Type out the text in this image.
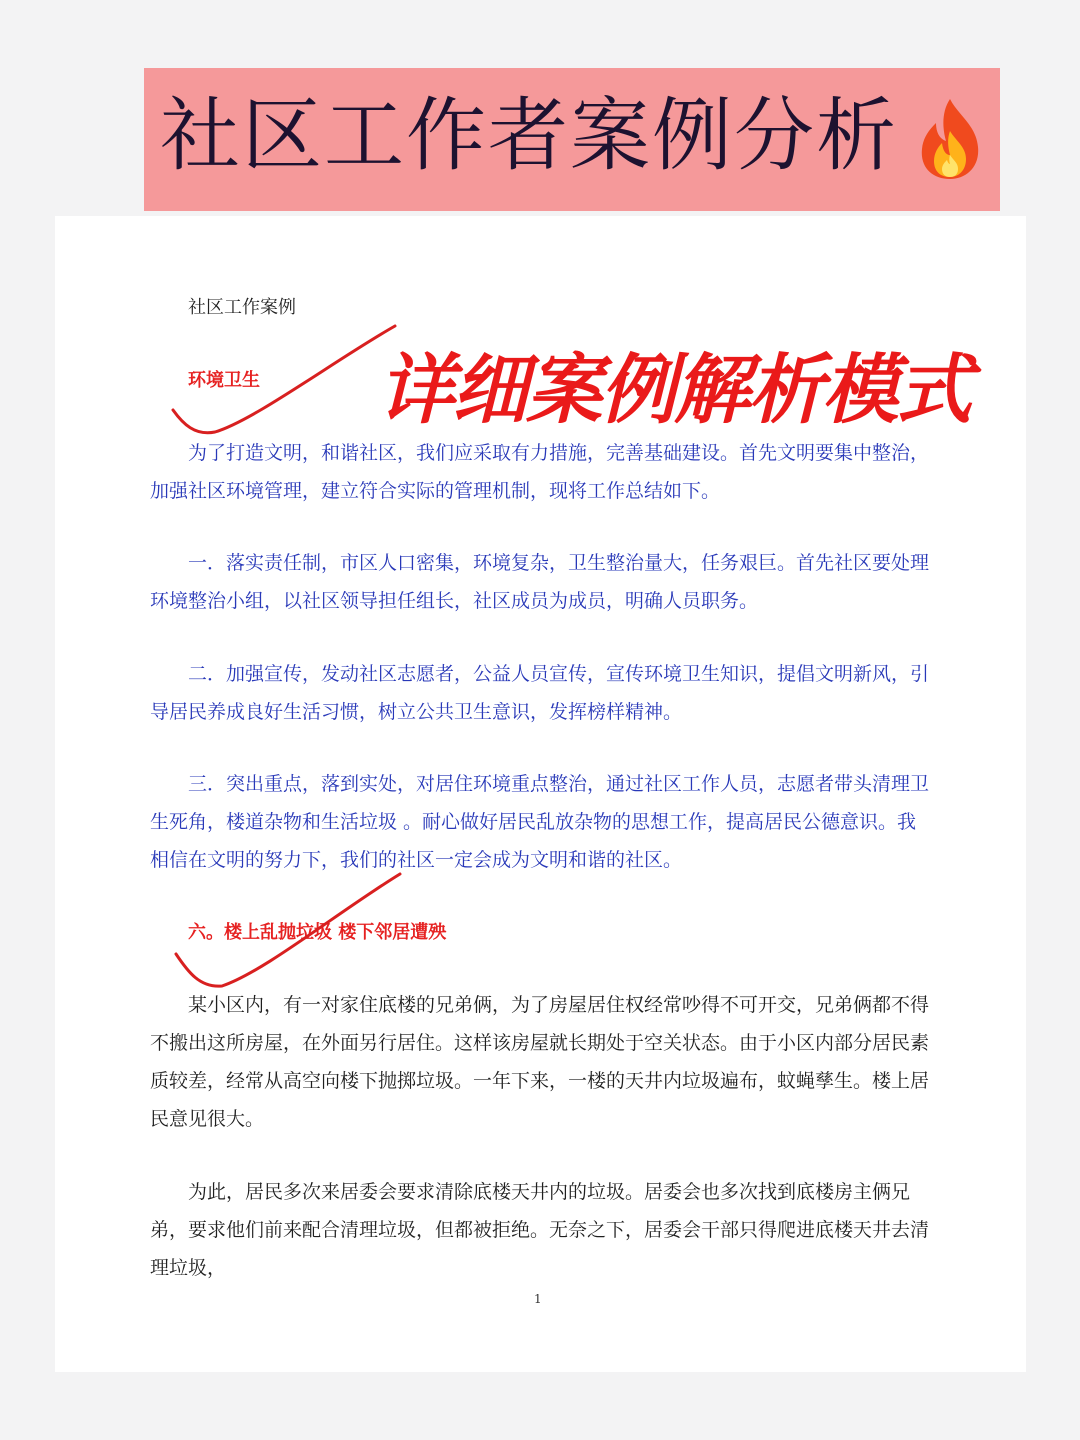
社区工作者案例分析
社区工作案例
环境卫生 详细案例解析模式

为了打造文明，和谐社区，我们应采取有力措施，完善基础建设。首先文明要集中整治，加强社区环境管理，建立符合实际的管理机制，现将工作总结如下。

一．落实责任制，市区人口密集，环境复杂，卫生整治量大，任务艰巨。首先社区要处理环境整治小组，以社区领导担任组长，社区成员为成员，明确人员职务。

二．加强宣传，发动社区志愿者，公益人员宣传，宣传环境卫生知识，提倡文明新风，引导居民养成良好生活习惯，树立公共卫生意识，发挥榜样精神。

三．突出重点，落到实处，对居住环境重点整治，通过社区工作人员，志愿者带头清理卫生死角，楼道杂物和生活垃圾 。耐心做好居民乱放杂物的思想工作，提高居民公德意识。我相信在文明的努力下，我们的社区一定会成为文明和谐的社区。

六。楼上乱抛垃圾 楼下邻居遭殃

某小区内，有一对家住底楼的兄弟俩，为了房屋居住权经常吵得不可开交，兄弟俩都不得不搬出这所房屋，在外面另行居住。这样该房屋就长期处于空关状态。由于小区内部分居民素质较差，经常从高空向楼下抛掷垃圾。一年下来，一楼的天井内垃圾遍布，蚊蝇孳生。楼上居民意见很大。

为此，居民多次来居委会要求清除底楼天井内的垃圾。居委会也多次找到底楼房主俩兄弟，要求他们前来配合清理垃圾，但都被拒绝。无奈之下，居委会干部只得爬进底楼天井去清理垃圾，

1
